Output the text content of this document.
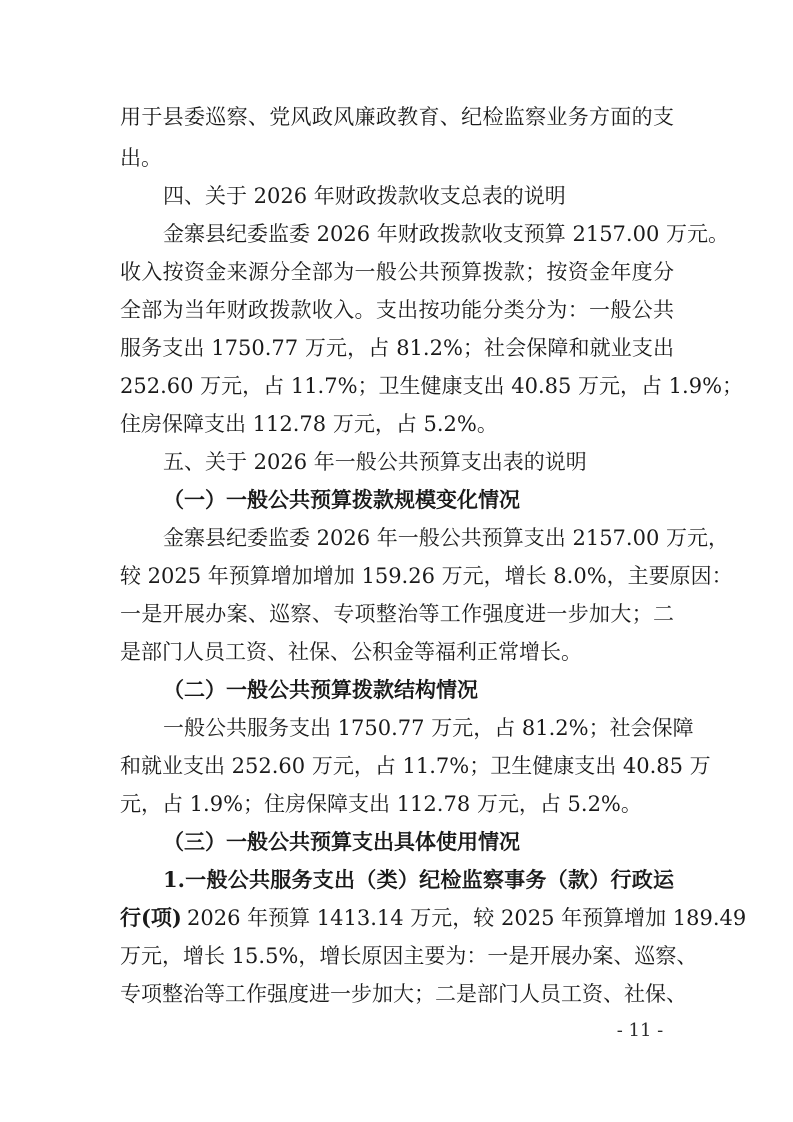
用于县委巡察、党风政风廉政教育、纪检监察业务方面的支
出。
四、关于 2026 年财政拨款收支总表的说明
金寨县纪委监委 2026 年财政拨款收支预算 2157.00 万元。
收入按资金来源分全部为一般公共预算拨款；按资金年度分
全部为当年财政拨款收入。支出按功能分类分为：一般公共
服务支出 1750.77 万元，占 81.2%；社会保障和就业支出
252.60 万元，占 11.7%；卫生健康支出 40.85 万元，占 1.9%；
住房保障支出 112.78 万元，占 5.2%。
五、关于 2026 年一般公共预算支出表的说明
（一）一般公共预算拨款规模变化情况
金寨县纪委监委 2026 年一般公共预算支出 2157.00 万元，
较 2025 年预算增加增加 159.26 万元，增长 8.0%，主要原因：
一是开展办案、巡察、专项整治等工作强度进一步加大；二
是部门人员工资、社保、公积金等福利正常增长。
（二）一般公共预算拨款结构情况
一般公共服务支出 1750.77 万元，占 81.2%；社会保障
和就业支出 252.60 万元，占 11.7%；卫生健康支出 40.85 万
元，占 1.9%；住房保障支出 112.78 万元，占 5.2%。
（三）一般公共预算支出具体使用情况
1.一般公共服务支出（类）纪检监察事务（款）行政运
行(项) 2026 年预算 1413.14 万元，较 2025 年预算增加 189.49
万元，增长 15.5%，增长原因主要为：一是开展办案、巡察、
专项整治等工作强度进一步加大；二是部门人员工资、社保、
- 11 -
